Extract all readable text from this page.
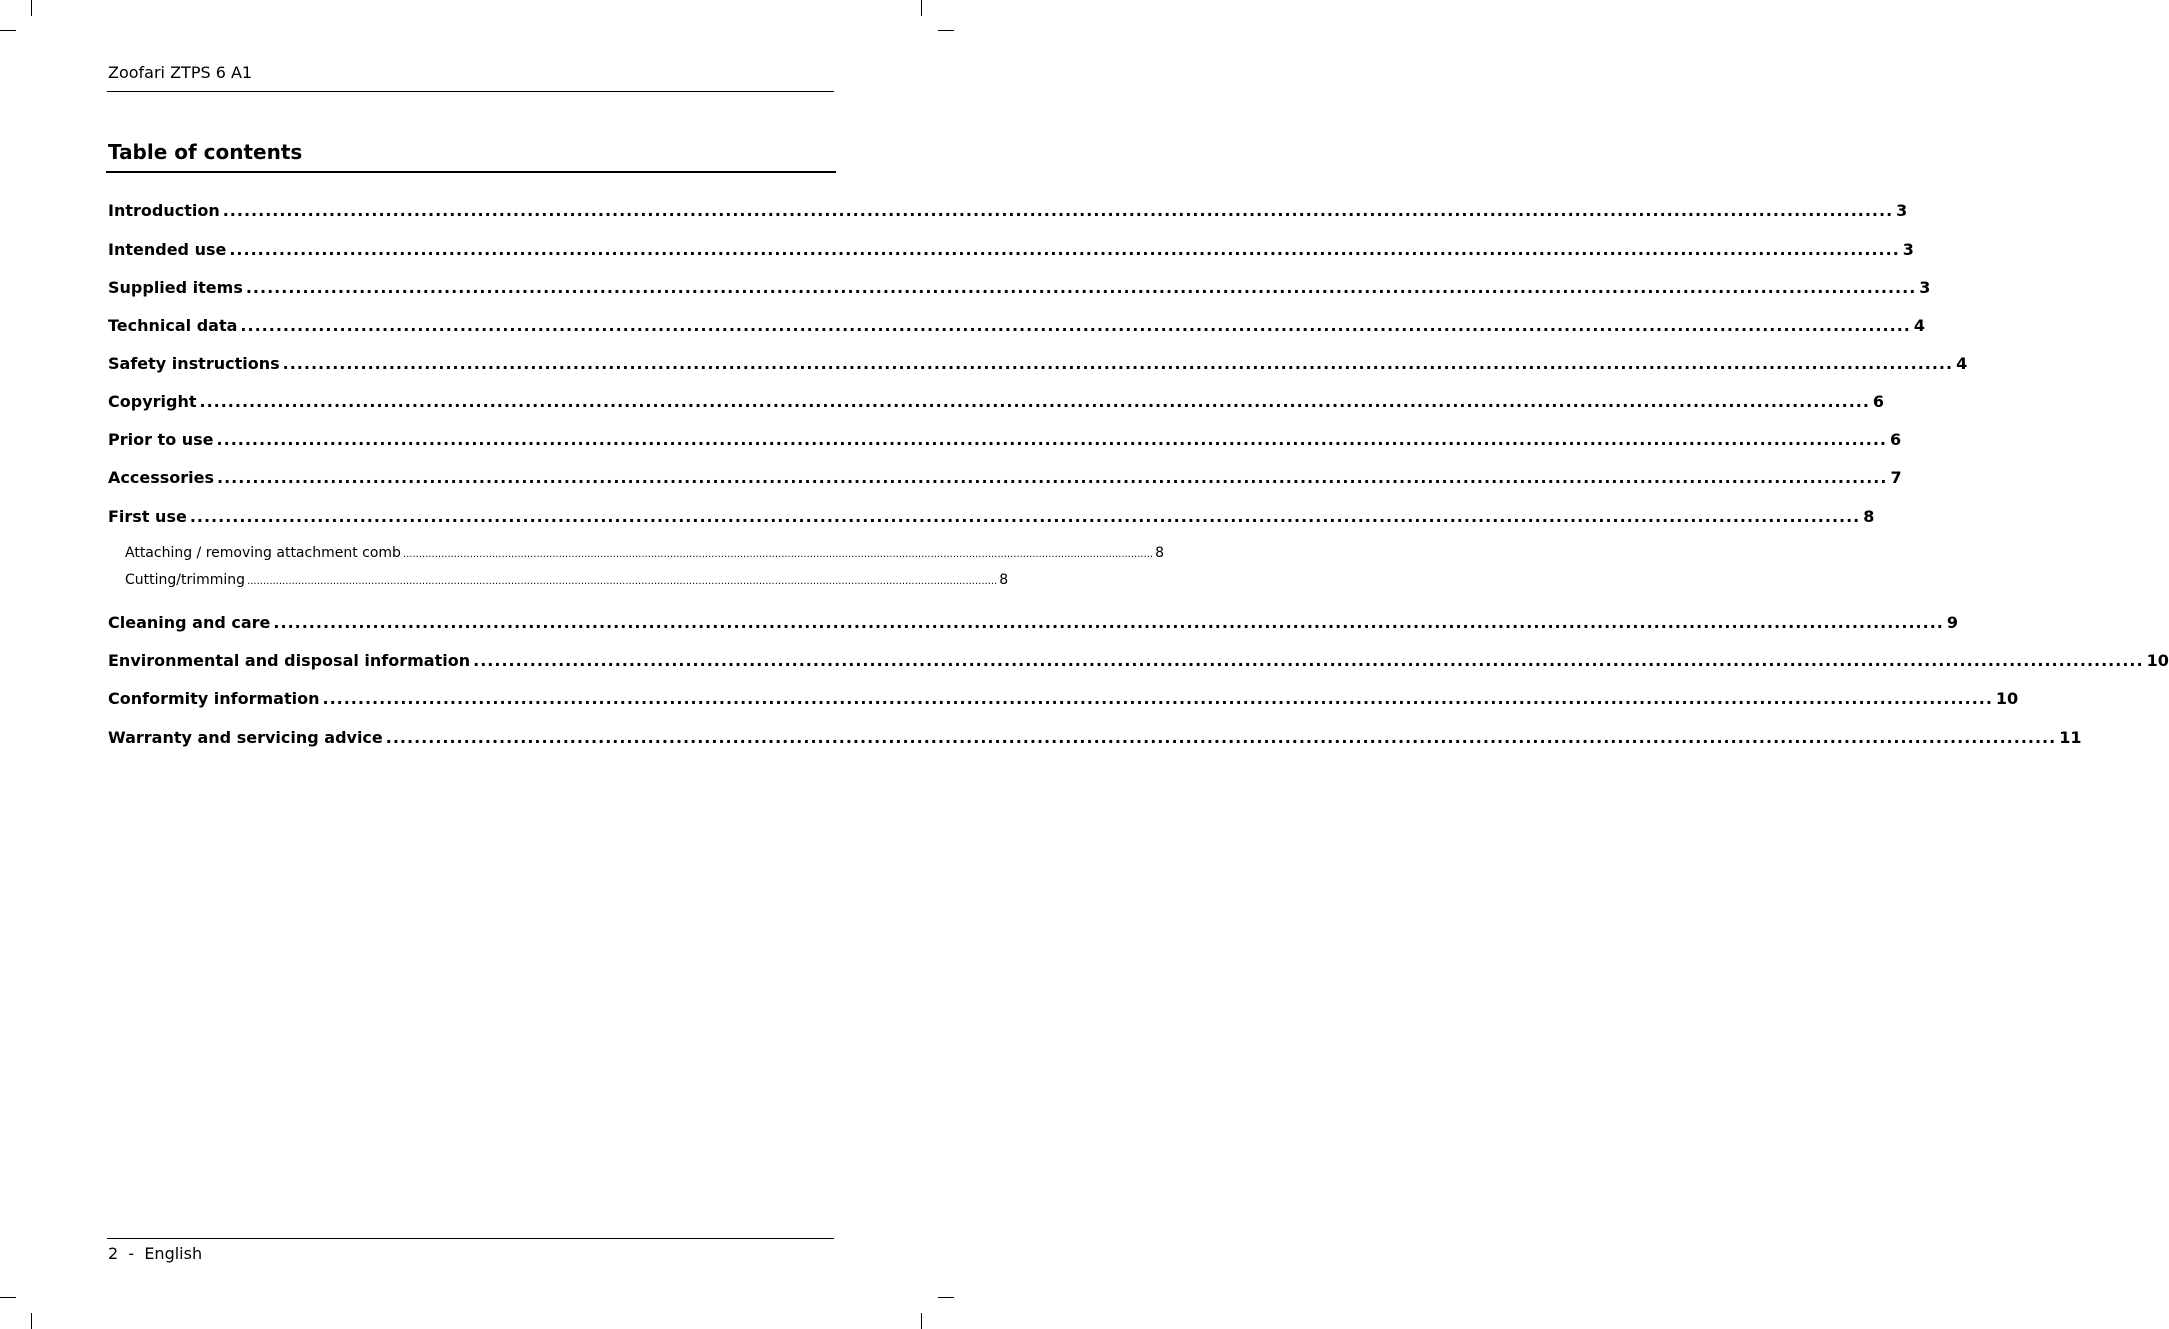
Zoofari ZTPS 6 A1
Table of contents
Introduction ............................................................................................................................................................................................................................................ 3
Intended use ............................................................................................................................................................................................................................................ 3
Supplied items ............................................................................................................................................................................................................................................ 3
Technical data ............................................................................................................................................................................................................................................ 4
Safety instructions ............................................................................................................................................................................................................................................ 4
Copyright ............................................................................................................................................................................................................................................ 6
Prior to use ............................................................................................................................................................................................................................................ 6
Accessories ............................................................................................................................................................................................................................................ 7
First use ............................................................................................................................................................................................................................................ 8
Attaching / removing attachment comb ............................................................................................................................................................................................................................................ 8
Cutting/trimming ............................................................................................................................................................................................................................................ 8
Cleaning and care ............................................................................................................................................................................................................................................ 9
Environmental and disposal information ............................................................................................................................................................................................................................................ 10
Conformity information ............................................................................................................................................................................................................................................ 10
Warranty and servicing advice ............................................................................................................................................................................................................................................ 11
2 - English
